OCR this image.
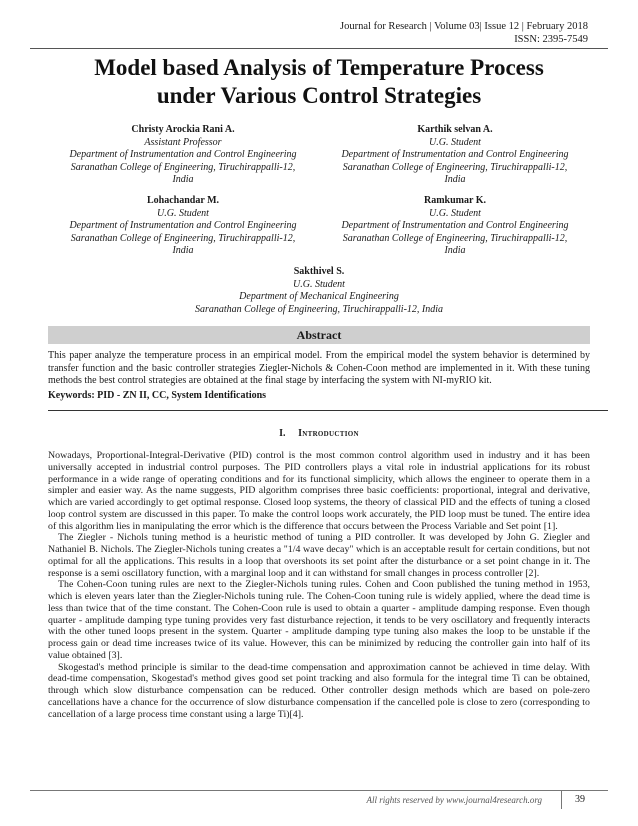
Journal for Research | Volume 03| Issue 12 | February 2018
ISSN: 2395-7549
Model based Analysis of Temperature Process
under Various Control Strategies
Christy Arockia Rani A.
Assistant Professor
Department of Instrumentation and Control Engineering
Saranathan College of Engineering, Tiruchirappalli-12,
India
Karthik selvan A.
U.G. Student
Department of Instrumentation and Control Engineering
Saranathan College of Engineering, Tiruchirappalli-12,
India
Lohachandar M.
U.G. Student
Department of Instrumentation and Control Engineering
Saranathan College of Engineering, Tiruchirappalli-12,
India
Ramkumar K.
U.G. Student
Department of Instrumentation and Control Engineering
Saranathan College of Engineering, Tiruchirappalli-12,
India
Sakthivel S.
U.G. Student
Department of Mechanical Engineering
Saranathan College of Engineering, Tiruchirappalli-12, India
Abstract
This paper analyze the temperature process in an empirical model. From the empirical model the system behavior is determined by transfer function and the basic controller strategies Ziegler-Nichols & Cohen-Coon method are implemented in it. With these tuning methods the best control strategies are obtained at the final stage by interfacing the system with NI-myRIO kit.
Keywords: PID - ZN II, CC, System Identifications
I. Introduction

Nowadays, Proportional-Integral-Derivative (PID) control is the most common control algorithm used in industry and it has been universally accepted in industrial control purposes. The PID controllers plays a vital role in industrial applications for its robust performance in a wide range of operating conditions and for its functional simplicity, which allows the engineer to operate them in a simpler and easier way. As the name suggests, PID algorithm comprises three basic coefficients: proportional, integral and derivative, which are varied accordingly to get optimal response. Closed loop systems, the theory of classical PID and the effects of tuning a closed loop control system are discussed in this paper. To make the control loops work accurately, the PID loop must be tuned. The entire idea of this algorithm lies in manipulating the error which is the difference that occurs between the Process Variable and Set point [1].

The Ziegler - Nichols tuning method is a heuristic method of tuning a PID controller. It was developed by John G. Ziegler and Nathaniel B. Nichols. The Ziegler-Nichols tuning creates a "1/4 wave decay" which is an acceptable result for certain conditions, but not optimal for all the applications. This results in a loop that overshoots its set point after the disturbance or a set point change in it. The response is a semi oscillatory function, with a marginal loop and it can withstand for small changes in process controller [2].

The Cohen-Coon tuning rules are next to the Ziegler-Nichols tuning rules. Cohen and Coon published the tuning method in 1953, which is eleven years later than the Ziegler-Nichols tuning rule. The Cohen-Coon tuning rule is widely applied, where the dead time is less than twice that of the time constant. The Cohen-Coon rule is used to obtain a quarter - amplitude damping response. Even though quarter - amplitude damping type tuning provides very fast disturbance rejection, it tends to be very oscillatory and frequently interacts with the other tuned loops present in the system. Quarter - amplitude damping type tuning also makes the loop to be unstable if the process gain or dead time increases twice of its value. However, this can be minimized by reducing the controller gain into half of its value obtained [3].

Skogestad's method principle is similar to the dead-time compensation and approximation cannot be achieved in time delay. With dead-time compensation, Skogestad's method gives good set point tracking and also formula for the integral time Ti can be obtained, through which slow disturbance compensation can be reduced. Other controller design methods which are based on pole-zero cancellations have a chance for the occurrence of slow disturbance compensation if the cancelled pole is close to zero (corresponding to cancellation of a large process time constant using a large Ti)[4].

All rights reserved by www.journal4research.org	39
